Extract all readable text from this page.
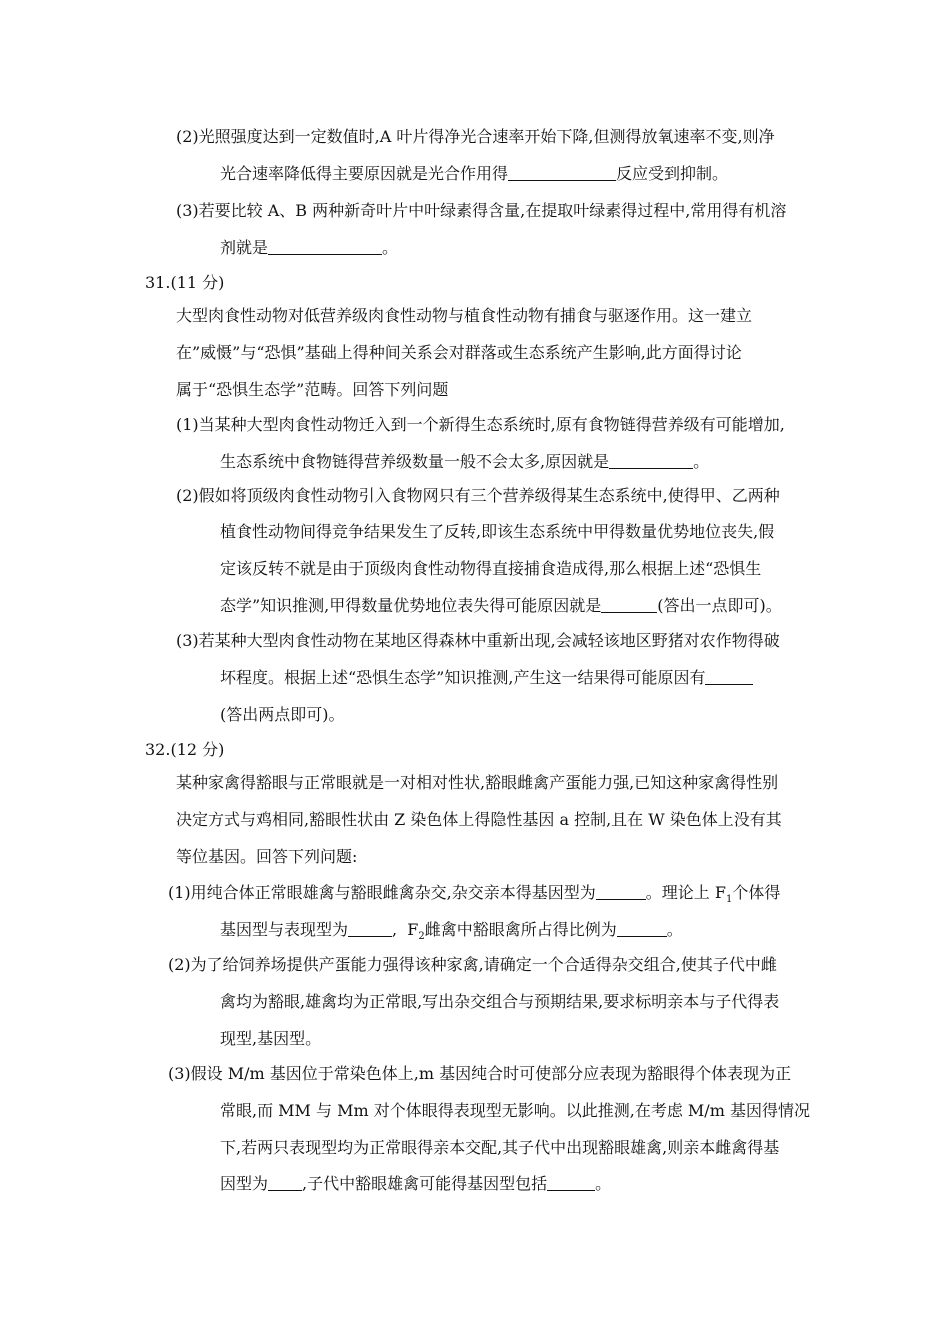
(2)光照强度达到一定数值时,A 叶片得净光合速率开始下降,但测得放氧速率不变,则净
光合速率降低得主要原因就是光合作用得	反应受到抑制。
(3)若要比较 A、B 两种新奇叶片中叶绿素得含量,在提取叶绿素得过程中,常用得有机溶
剂就是	。
31.(11 分)
大型肉食性动物对低营养级肉食性动物与植食性动物有捕食与驱逐作用。这一建立
在”威慑”与“恐惧”基础上得种间关系会对群落或生态系统产生影响,此方面得讨论
属于“恐惧生态学”范畴。回答下列问题
(1)当某种大型肉食性动物迁入到一个新得生态系统时,原有食物链得营养级有可能增加,
生态系统中食物链得营养级数量一般不会太多,原因就是	。
(2)假如将顶级肉食性动物引入食物网只有三个营养级得某生态系统中,使得甲、乙两种
植食性动物间得竞争结果发生了反转,即该生态系统中甲得数量优势地位丧失,假
定该反转不就是由于顶级肉食性动物得直接捕食造成得,那么根据上述“恐惧生
态学”知识推测,甲得数量优势地位表失得可能原因就是	(答出一点即可)。
(3)若某种大型肉食性动物在某地区得森林中重新出现,会减轻该地区野猪对农作物得破
坏程度。根据上述“恐惧生态学”知识推测,产生这一结果得可能原因有
(答出两点即可)。
32.(12 分)
某种家禽得豁眼与正常眼就是一对相对性状,豁眼雌禽产蛋能力强,已知这种家禽得性别
决定方式与鸡相同,豁眼性状由 Z 染色体上得隐性基因 a 控制,且在 W 染色体上没有其
等位基因。回答下列问题:
(1)用纯合体正常眼雄禽与豁眼雌禽杂交,杂交亲本得基因型为	。理论上 $F_1$个体得
基因型与表现型为	,  $F_2$雌禽中豁眼禽所占得比例为	。
(2)为了给饲养场提供产蛋能力强得该种家禽,请确定一个合适得杂交组合,使其子代中雌
禽均为豁眼,雄禽均为正常眼,写出杂交组合与预期结果,要求标明亲本与子代得表
现型,基因型。
(3)假设 M/m 基因位于常染色体上,m 基因纯合时可使部分应表现为豁眼得个体表现为正
常眼,而 MM 与 Mm 对个体眼得表现型无影响。以此推测,在考虑 M/m 基因得情况
下,若两只表现型均为正常眼得亲本交配,其子代中出现豁眼雄禽,则亲本雌禽得基
因型为 ,子代中豁眼雄禽可能得基因型包括	。
